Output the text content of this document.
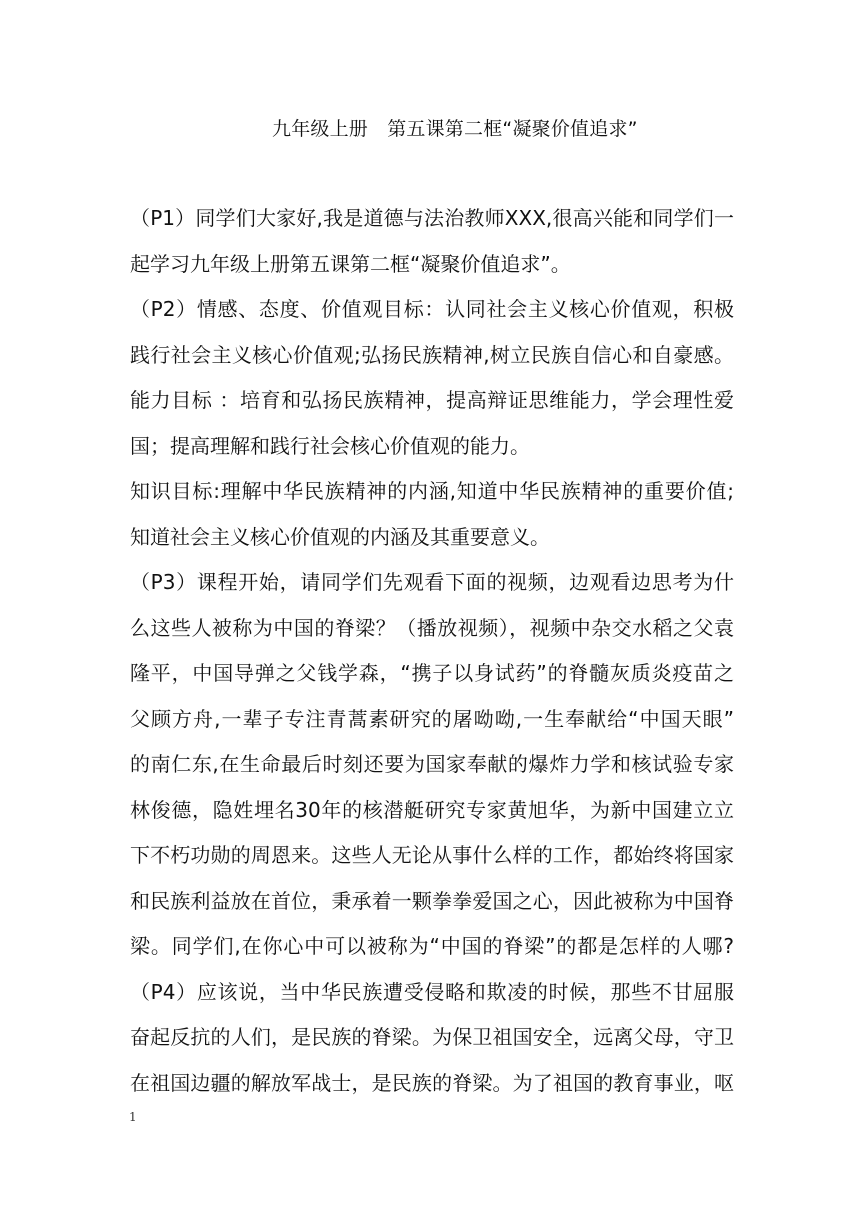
九年级上册　第五课第二框“凝聚价值追求”
（P1）同学们大家好,我是道德与法治教师XXX,很高兴能和同学们一
起学习九年级上册第五课第二框“凝聚价值追求”。
（P2）情感、态度、价值观目标：认同社会主义核心价值观，积极
践行社会主义核心价值观;弘扬民族精神,树立民族自信心和自豪感。
能力目标 ：培育和弘扬民族精神，提高辩证思维能力，学会理性爱
国；提高理解和践行社会核心价值观的能力。
知识目标:理解中华民族精神的内涵,知道中华民族精神的重要价值;
知道社会主义核心价值观的内涵及其重要意义。
（P3）课程开始，请同学们先观看下面的视频，边观看边思考为什
么这些人被称为中国的脊梁？（播放视频），视频中杂交水稻之父袁
隆平，中国导弹之父钱学森，“携子以身试药”的脊髓灰质炎疫苗之
父顾方舟,一辈子专注青蒿素研究的屠呦呦,一生奉献给“中国天眼”
的南仁东,在生命最后时刻还要为国家奉献的爆炸力学和核试验专家
林俊德，隐姓埋名30年的核潜艇研究专家黄旭华，为新中国建立立
下不朽功勋的周恩来。这些人无论从事什么样的工作，都始终将国家
和民族利益放在首位，秉承着一颗拳拳爱国之心，因此被称为中国脊
梁。同学们,在你心中可以被称为“中国的脊梁”的都是怎样的人哪?
（P4）应该说，当中华民族遭受侵略和欺凌的时候，那些不甘屈服
奋起反抗的人们，是民族的脊梁。为保卫祖国安全，远离父母，守卫
在祖国边疆的解放军战士，是民族的脊梁。为了祖国的教育事业，呕
1
